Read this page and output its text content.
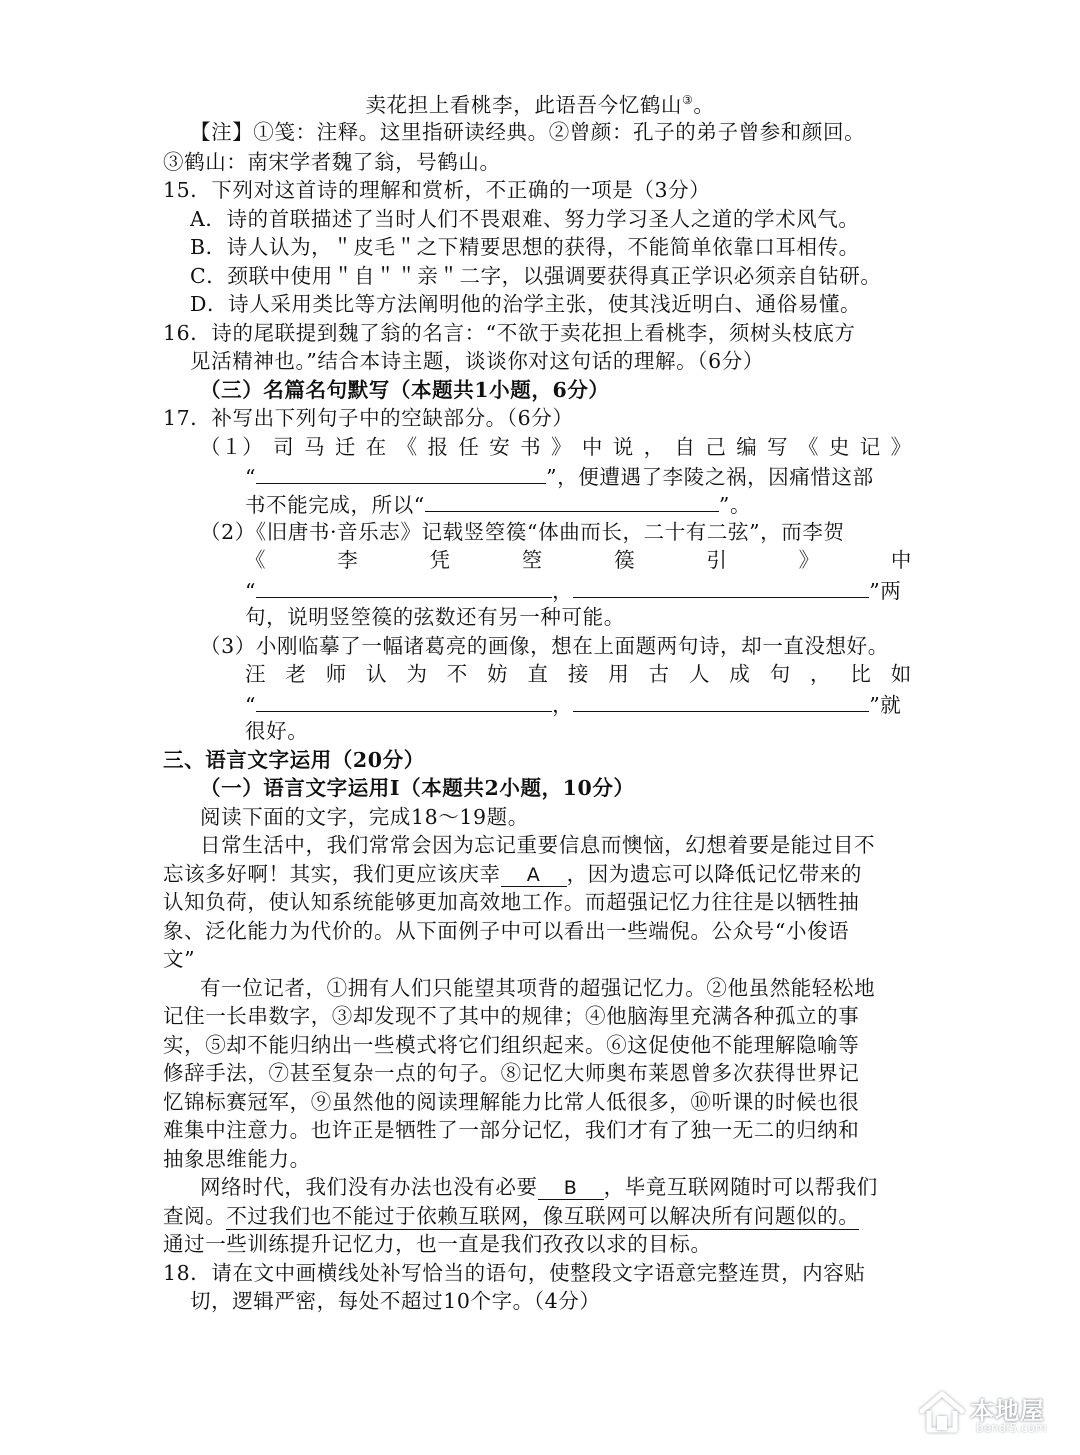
卖花担上看桃李，此语吾今忆鹤山③。
【注】①笺：注释。这里指研读经典。②曾颜：孔子的弟子曾参和颜回。
③鹤山：南宋学者魏了翁，号鹤山。
15．下列对这首诗的理解和赏析，不正确的一项是（3分）
A．诗的首联描述了当时人们不畏艰难、努力学习圣人之道的学术风气。
B．诗人认为，＂皮毛＂之下精要思想的获得，不能简单依靠口耳相传。
C．颈联中使用＂自＂＂亲＂二字，以强调要获得真正学识必须亲自钻研。
D．诗人采用类比等方法阐明他的治学主张，使其浅近明白、通俗易懂。
16．诗的尾联提到魏了翁的名言：“不欲于卖花担上看桃李，须树头枝底方
见活精神也。”结合本诗主题，谈谈你对这句话的理解。（6分）
（三）名篇名句默写（本题共1小题，6分）
17．补写出下列句子中的空缺部分。（6分）
（１） 司 马 迁 在 《 报 任 安 书 》 中 说 ， 自 己 编 写 《 史 记 》
“	”，便遭遇了李陵之祸，因痛惜这部
书不能完成，所以“	”。
（2）《旧唐书·音乐志》记载竖箜篌“体曲而长，二十有二弦”，而李贺
《	李	凭	箜	篌	引	》	中
“	，	”两
句，说明竖箜篌的弦数还有另一种可能。
（3）小刚临摹了一幅诸葛亮的画像，想在上面题两句诗，却一直没想好。
汪 老 师 认 为 不 妨 直 接 用 古 人 成 句 ， 比 如
“	，	”就
很好。
三、语言文字运用（20分）
（一）语言文字运用Ⅰ（本题共2小题，10分）
阅读下面的文字，完成18～19题。
日常生活中，我们常常会因为忘记重要信息而懊恼，幻想着要是能过目不
忘该多好啊！其实，我们更应该庆幸 A ，因为遗忘可以降低记忆带来的
认知负荷，使认知系统能够更加高效地工作。而超强记忆力往往是以牺牲抽
象、泛化能力为代价的。从下面例子中可以看出一些端倪。公众号“小俊语
文”
有一位记者，①拥有人们只能望其项背的超强记忆力。②他虽然能轻松地
记住一长串数字，③却发现不了其中的规律；④他脑海里充满各种孤立的事
实，⑤却不能归纳出一些模式将它们组织起来。⑥这促使他不能理解隐喻等
修辞手法，⑦甚至复杂一点的句子。⑧记忆大师奥布莱恩曾多次获得世界记
忆锦标赛冠军，⑨虽然他的阅读理解能力比常人低很多，⑩听课的时候也很
难集中注意力。也许正是牺牲了一部分记忆，我们才有了独一无二的归纳和
抽象思维能力。
网络时代，我们没有办法也没有必要 B ，毕竟互联网随时可以帮我们
查阅。不过我们也不能过于依赖互联网，像互联网可以解决所有问题似的。
通过一些训练提升记忆力，也一直是我们孜孜以求的目标。
18．请在文中画横线处补写恰当的语句，使整段文字语意完整连贯，内容贴
切，逻辑严密，每处不超过10个字。（4分）
本地屋
bendi5.com
